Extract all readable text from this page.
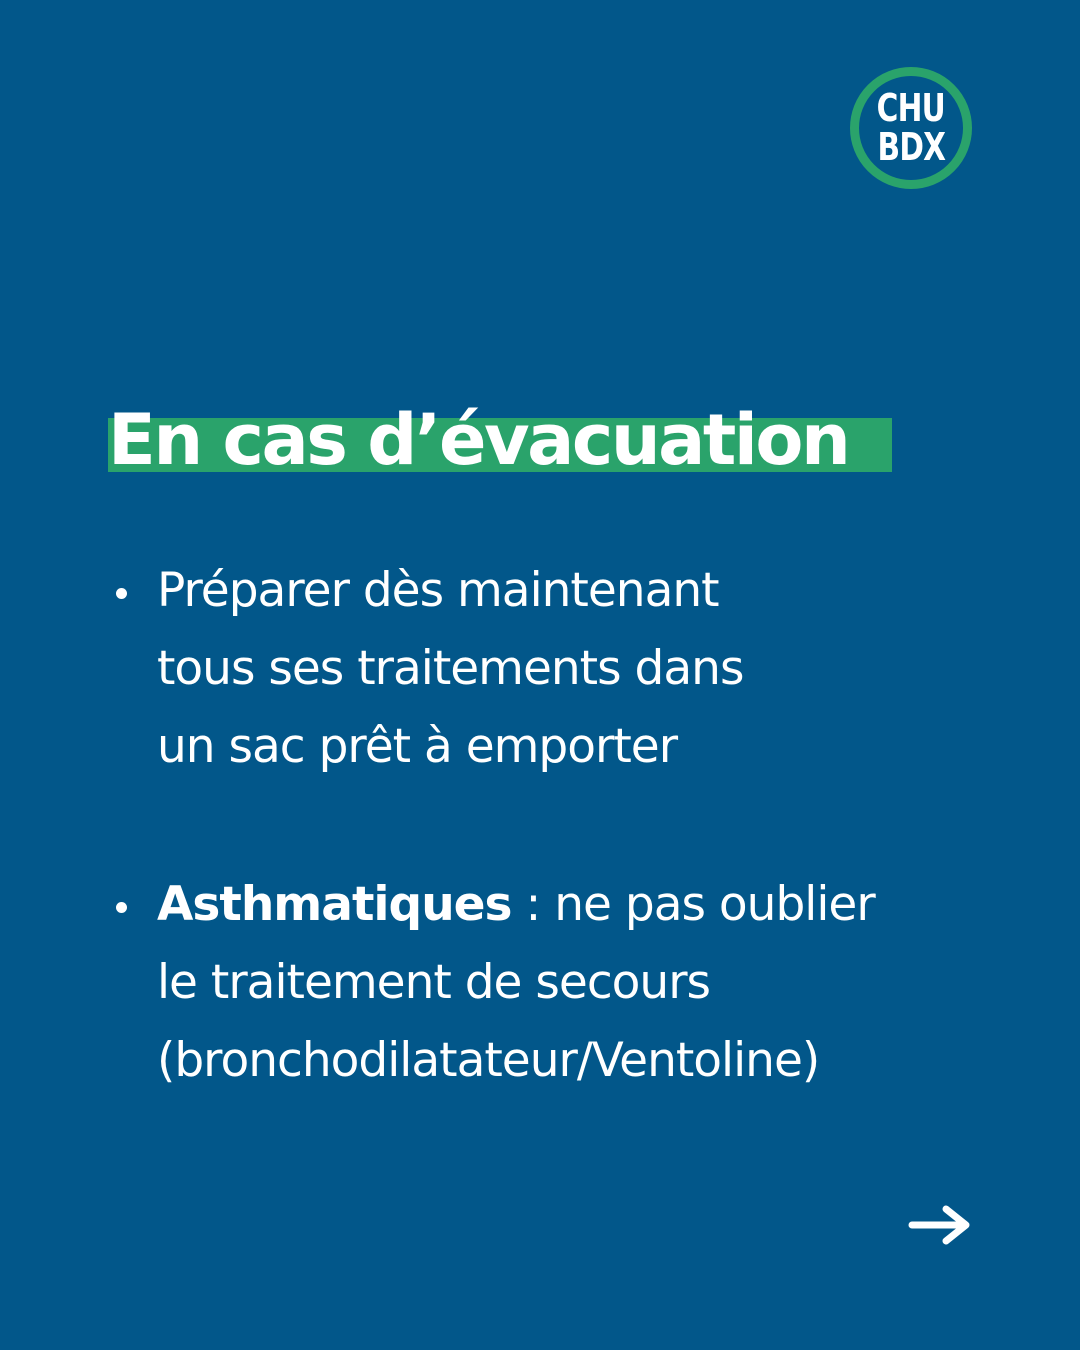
CHU
BDX
En cas d’évacuation
Préparer dès maintenant
tous ses traitements dans
un sac prêt à emporter
Asthmatiques : ne pas oublier
le traitement de secours
(bronchodilatateur/Ventoline)
